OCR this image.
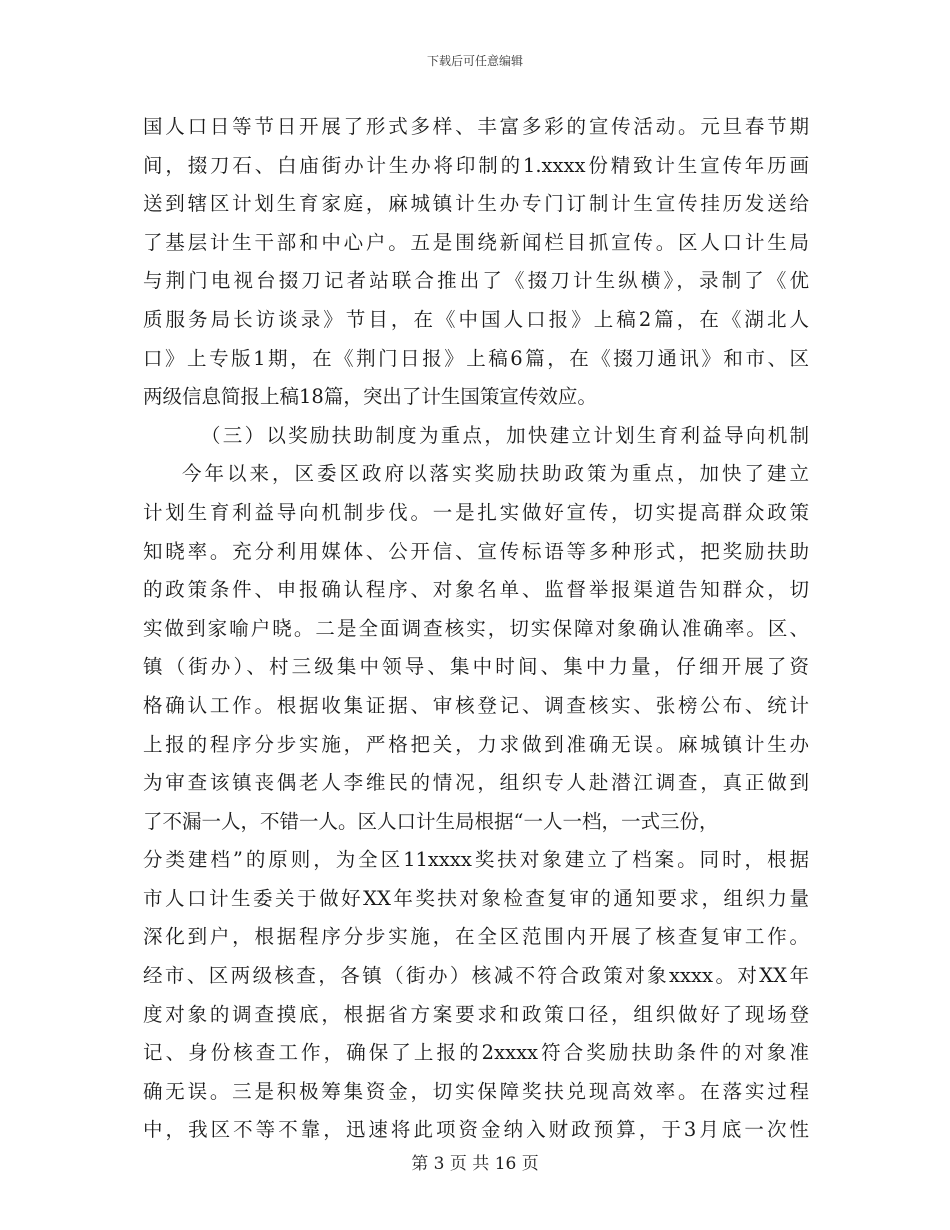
下载后可任意编辑
国人口日等节日开展了形式多样、丰富多彩的宣传活动。元旦春节期
间，掇刀石、白庙街办计生办将印制的1.xxxx份精致计生宣传年历画
送到辖区计划生育家庭，麻城镇计生办专门订制计生宣传挂历发送给
了基层计生干部和中心户。五是围绕新闻栏目抓宣传。区人口计生局
与荆门电视台掇刀记者站联合推出了《掇刀计生纵横》，录制了《优
质服务局长访谈录》节目，在《中国人口报》上稿2篇，在《湖北人
口》上专版1期，在《荆门日报》上稿6篇，在《掇刀通讯》和市、区
两级信息简报上稿18篇，突出了计生国策宣传效应。
（三）以奖励扶助制度为重点，加快建立计划生育利益导向机制
今年以来，区委区政府以落实奖励扶助政策为重点，加快了建立
计划生育利益导向机制步伐。一是扎实做好宣传，切实提高群众政策
知晓率。充分利用媒体、公开信、宣传标语等多种形式，把奖励扶助
的政策条件、申报确认程序、对象名单、监督举报渠道告知群众，切
实做到家喻户晓。二是全面调查核实，切实保障对象确认准确率。区、
镇（街办）、村三级集中领导、集中时间、集中力量，仔细开展了资
格确认工作。根据收集证据、审核登记、调查核实、张榜公布、统计
上报的程序分步实施，严格把关，力求做到准确无误。麻城镇计生办
为审查该镇丧偶老人李维民的情况，组织专人赴潜江调查，真正做到
了不漏一人，不错一人。区人口计生局根据“一人一档，一式三份，
分类建档”的原则，为全区11xxxx奖扶对象建立了档案。同时，根据
市人口计生委关于做好XX年奖扶对象检查复审的通知要求，组织力量
深化到户，根据程序分步实施，在全区范围内开展了核查复审工作。
经市、区两级核查，各镇（街办）核减不符合政策对象xxxx。对XX年
度对象的调查摸底，根据省方案要求和政策口径，组织做好了现场登
记、身份核查工作，确保了上报的2xxxx符合奖励扶助条件的对象准
确无误。三是积极筹集资金，切实保障奖扶兑现高效率。在落实过程
中，我区不等不靠，迅速将此项资金纳入财政预算，于3月底一次性
第 3 页 共 16 页
